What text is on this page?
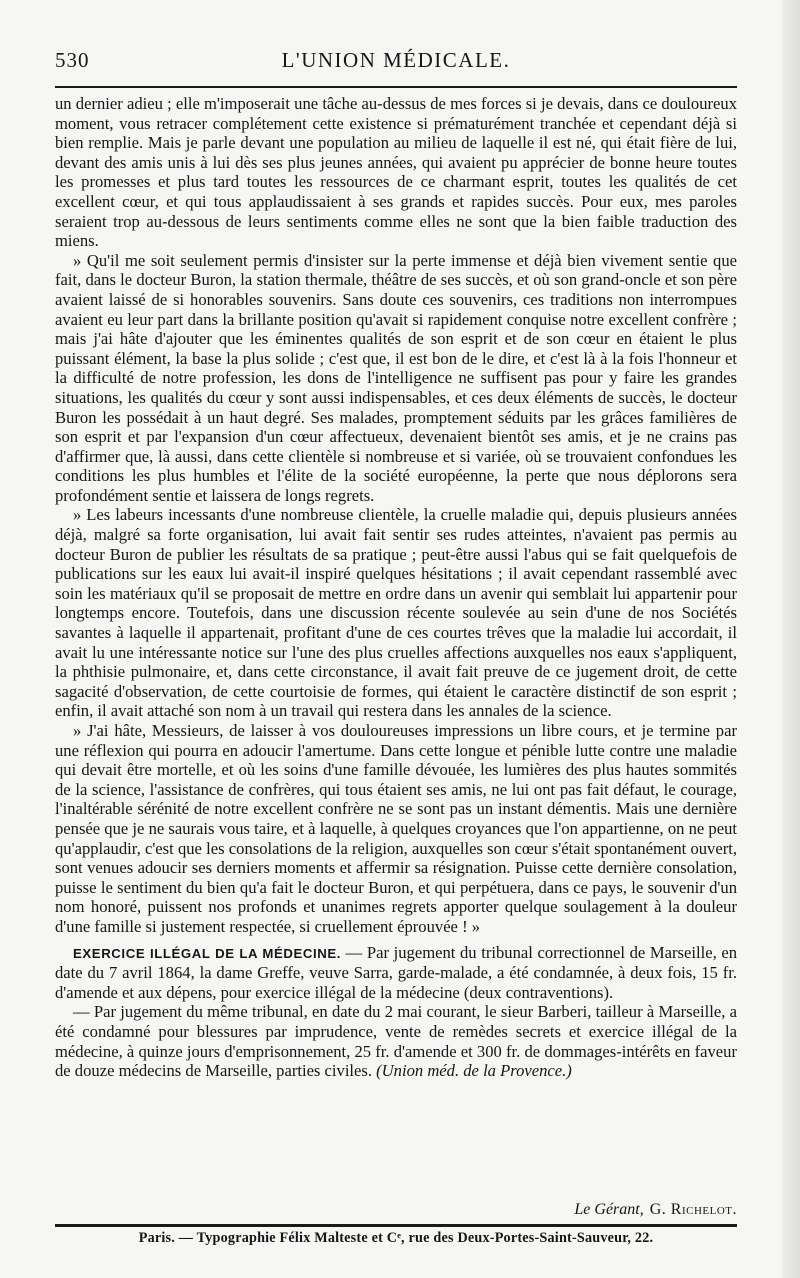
530	L'UNION MÉDICALE.

un dernier adieu ; elle m'imposerait une tâche au-dessus de mes forces si je devais, dans ce douloureux moment, vous retracer complétement cette existence si prématurément tranchée et cependant déjà si bien remplie. Mais je parle devant une population au milieu de laquelle il est né, qui était fière de lui, devant des amis unis à lui dès ses plus jeunes années, qui avaient pu apprécier de bonne heure toutes les promesses et plus tard toutes les ressources de ce charmant esprit, toutes les qualités de cet excellent cœur, et qui tous applaudissaient à ses grands et rapides succès. Pour eux, mes paroles seraient trop au-dessous de leurs sentiments comme elles ne sont que la bien faible traduction des miens.

» Qu'il me soit seulement permis d'insister sur la perte immense et déjà bien vivement sentie que fait, dans le docteur Buron, la station thermale, théâtre de ses succès, et où son grand-oncle et son père avaient laissé de si honorables souvenirs. Sans doute ces souvenirs, ces traditions non interrompues avaient eu leur part dans la brillante position qu'avait si rapidement conquise notre excellent confrère ; mais j'ai hâte d'ajouter que les éminentes qualités de son esprit et de son cœur en étaient le plus puissant élément, la base la plus solide ; c'est que, il est bon de le dire, et c'est là à la fois l'honneur et la difficulté de notre profession, les dons de l'intelligence ne suffisent pas pour y faire les grandes situations, les qualités du cœur y sont aussi indispensables, et ces deux éléments de succès, le docteur Buron les possédait à un haut degré. Ses malades, promptement séduits par les grâces familières de son esprit et par l'expansion d'un cœur affectueux, devenaient bientôt ses amis, et je ne crains pas d'affirmer que, là aussi, dans cette clientèle si nombreuse et si variée, où se trouvaient confondues les conditions les plus humbles et l'élite de la société européenne, la perte que nous déplorons sera profondément sentie et laissera de longs regrets.

» Les labeurs incessants d'une nombreuse clientèle, la cruelle maladie qui, depuis plusieurs années déjà, malgré sa forte organisation, lui avait fait sentir ses rudes atteintes, n'avaient pas permis au docteur Buron de publier les résultats de sa pratique ; peut-être aussi l'abus qui se fait quelquefois de publications sur les eaux lui avait-il inspiré quelques hésitations ; il avait cependant rassemblé avec soin les matériaux qu'il se proposait de mettre en ordre dans un avenir qui semblait lui appartenir pour longtemps encore. Toutefois, dans une discussion récente soulevée au sein d'une de nos Sociétés savantes à laquelle il appartenait, profitant d'une de ces courtes trêves que la maladie lui accordait, il avait lu une intéressante notice sur l'une des plus cruelles affections auxquelles nos eaux s'appliquent, la phthisie pulmonaire, et, dans cette circonstance, il avait fait preuve de ce jugement droit, de cette sagacité d'observation, de cette courtoisie de formes, qui étaient le caractère distinctif de son esprit ; enfin, il avait attaché son nom à un travail qui restera dans les annales de la science.

» J'ai hâte, Messieurs, de laisser à vos douloureuses impressions un libre cours, et je termine par une réflexion qui pourra en adoucir l'amertume. Dans cette longue et pénible lutte contre une maladie qui devait être mortelle, et où les soins d'une famille dévouée, les lumières des plus hautes sommités de la science, l'assistance de confrères, qui tous étaient ses amis, ne lui ont pas fait défaut, le courage, l'inaltérable sérénité de notre excellent confrère ne se sont pas un instant démentis. Mais une dernière pensée que je ne saurais vous taire, et à laquelle, à quelques croyances que l'on appartienne, on ne peut qu'applaudir, c'est que les consolations de la religion, auxquelles son cœur s'était spontanément ouvert, sont venues adoucir ses derniers moments et affermir sa résignation. Puisse cette dernière consolation, puisse le sentiment du bien qu'a fait le docteur Buron, et qui perpétuera, dans ce pays, le souvenir d'un nom honoré, puissent nos profonds et unanimes regrets apporter quelque soulagement à la douleur d'une famille si justement respectée, si cruellement éprouvée ! »

EXERCICE ILLÉGAL DE LA MÉDECINE. — Par jugement du tribunal correctionnel de Marseille, en date du 7 avril 1864, la dame Greffe, veuve Sarra, garde-malade, a été condamnée, à deux fois, 15 fr. d'amende et aux dépens, pour exercice illégal de la médecine (deux contraventions).

— Par jugement du même tribunal, en date du 2 mai courant, le sieur Barberi, tailleur à Marseille, a été condamné pour blessures par imprudence, vente de remèdes secrets et exercice illégal de la médecine, à quinze jours d'emprisonnement, 25 fr. d'amende et 300 fr. de dommages-intérêts en faveur de douze médecins de Marseille, parties civiles. (Union méd. de la Provence.)

Le Gérant, G. Richelot.
Paris. — Typographie Félix Malteste et Cᵉ, rue des Deux-Portes-Saint-Sauveur, 22.
